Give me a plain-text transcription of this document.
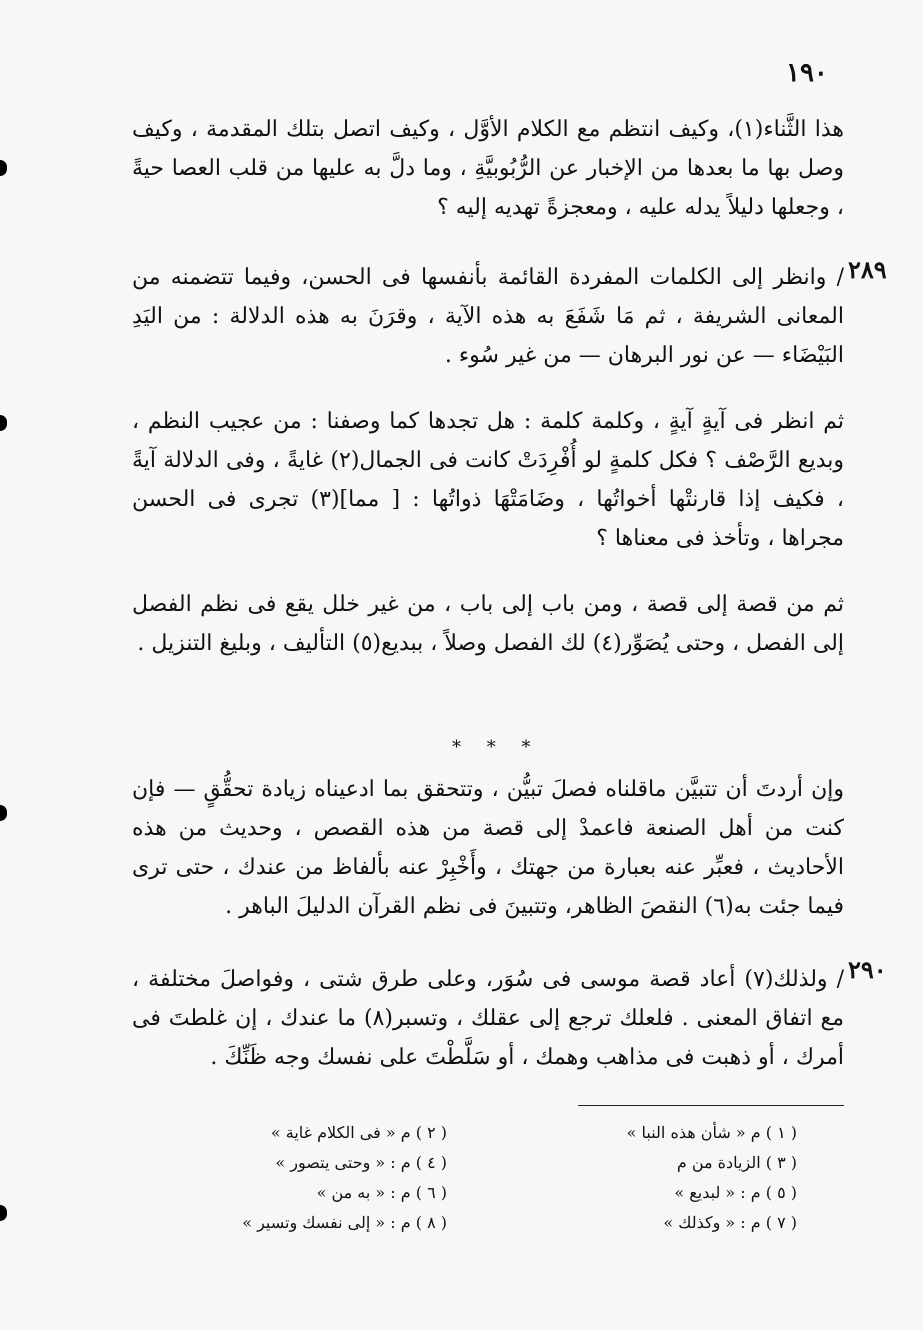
١٩٠

هذا الثَّناء(١)، وكيف انتظم مع الكلام الأوَّل ، وكيف اتصل بتلك المقدمة ، وكيف وصل بها ما بعدها من الإخبار عن الرُّبُوبيَّةِ ، وما دلَّ به عليها من قلب العصا حيةً ، وجعلها دليلاً يدله عليه ، ومعجزةً تهديه إليه ؟

٢٨٩

/ وانظر إلى الكلمات المفردة القائمة بأنفسها فى الحسن، وفيما تتضمنه من المعانى الشريفة ، ثم مَا شَفَعَ به هذه الآية ، وقرَنَ به هذه الدلالة : من اليَدِ البَيْضَاء — عن نور البرهان — من غير سُوء .

ثم انظر فى آيةٍ آيةٍ ، وكلمة كلمة : هل تجدها كما وصفنا : من عجيب النظم ، وبديع الرَّصْف ؟ فكل كلمةٍ لو أُفْرِدَتْ كانت فى الجمال(٢) غايةً ، وفى الدلالة آيةً ، فكيف إذا قارنتْها أخواتُها ، وضَامَتْهَا ذواتُها : [ مما](٣) تجرى فى الحسن مجراها ، وتأخذ فى معناها ؟

ثم من قصة إلى قصة ، ومن باب إلى باب ، من غير خلل يقع فى نظم الفصل إلى الفصل ، وحتى يُصَوِّر(٤) لك الفصل وصلاً ، ببديع(٥) التأليف ، وبليغ التنزيل .

* * *

وإن أردتَ أن تتبيَّن ماقلناه فصلَ تبيُّن ، وتتحقق بما ادعيناه زيادة تحقُّقٍ — فإن كنت من أهل الصنعة فاعمدْ إلى قصة من هذه القصص ، وحديث من هذه الأحاديث ، فعبِّر عنه بعبارة من جهتك ، وأَخْبِرْ عنه بألفاظ من عندك ، حتى ترى فيما جئت به(٦) النقصَ الظاهر، وتتبينَ فى نظم القرآن الدليلَ الباهر .

٢٩٠

/ ولذلك(٧) أعاد قصة موسى فى سُوَر، وعلى طرق شتى ، وفواصلَ مختلفة ، مع اتفاق المعنى . فلعلك ترجع إلى عقلك ، وتسبر(٨) ما عندك ، إن غلطتَ فى أمرك ، أو ذهبت فى مذاهب وهمك ، أو سَلَّطْتَ على نفسك وجه ظَنِّكَ .

( ١ ) م « شأن هذه النبا »
( ٣ ) الزيادة من م
( ٥ ) م : « لبديع »
( ٧ ) م : « وكذلك »
( ٢ ) م « فى الكلام غاية »
( ٤ ) م : « وحتى يتصور »
( ٦ ) م : « به من »
( ٨ ) م : « إلى نفسك وتسير »
